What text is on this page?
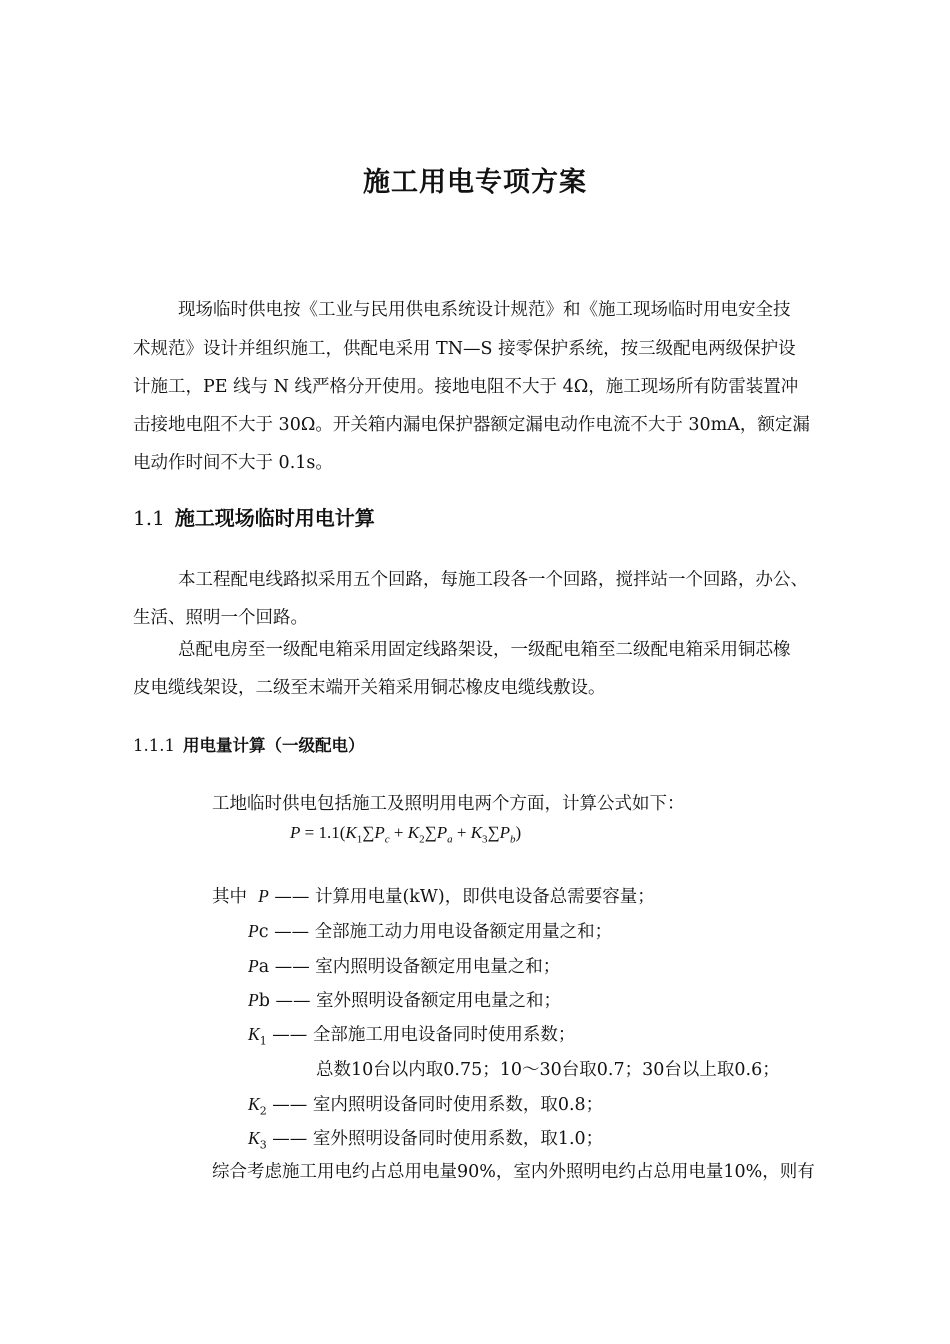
施工用电专项方案
现场临时供电按《工业与民用供电系统设计规范》和《施工现场临时用电安全技
术规范》设计并组织施工，供配电采用 TN—S 接零保护系统，按三级配电两级保护设
计施工，PE 线与 N 线严格分开使用。接地电阻不大于 4Ω，施工现场所有防雷装置冲
击接地电阻不大于 30Ω。开关箱内漏电保护器额定漏电动作电流不大于 30mA，额定漏
电动作时间不大于 0.1s。
1.1 施工现场临时用电计算
本工程配电线路拟采用五个回路，每施工段各一个回路，搅拌站一个回路，办公、
生活、照明一个回路。
总配电房至一级配电箱采用固定线路架设，一级配电箱至二级配电箱采用铜芯橡
皮电缆线架设，二级至末端开关箱采用铜芯橡皮电缆线敷设。
1.1.1 用电量计算（一级配电）
工地临时供电包括施工及照明用电两个方面，计算公式如下：
$P = 1.1(K_1\sum P_c + K_2\sum P_a + K_3\sum P_b)$
其中 P —— 计算用电量(kW)，即供电设备总需要容量；
Pc —— 全部施工动力用电设备额定用量之和；
Pa —— 室内照明设备额定用电量之和；
Pb —— 室外照明设备额定用电量之和；
$K_1$ —— 全部施工用电设备同时使用系数；
总数10台以内取0.75；10～30台取0.7；30台以上取0.6；
$K_2$ —— 室内照明设备同时使用系数，取0.8；
$K_3$ —— 室外照明设备同时使用系数，取1.0；
综合考虑施工用电约占总用电量90%，室内外照明电约占总用电量10%，则有
